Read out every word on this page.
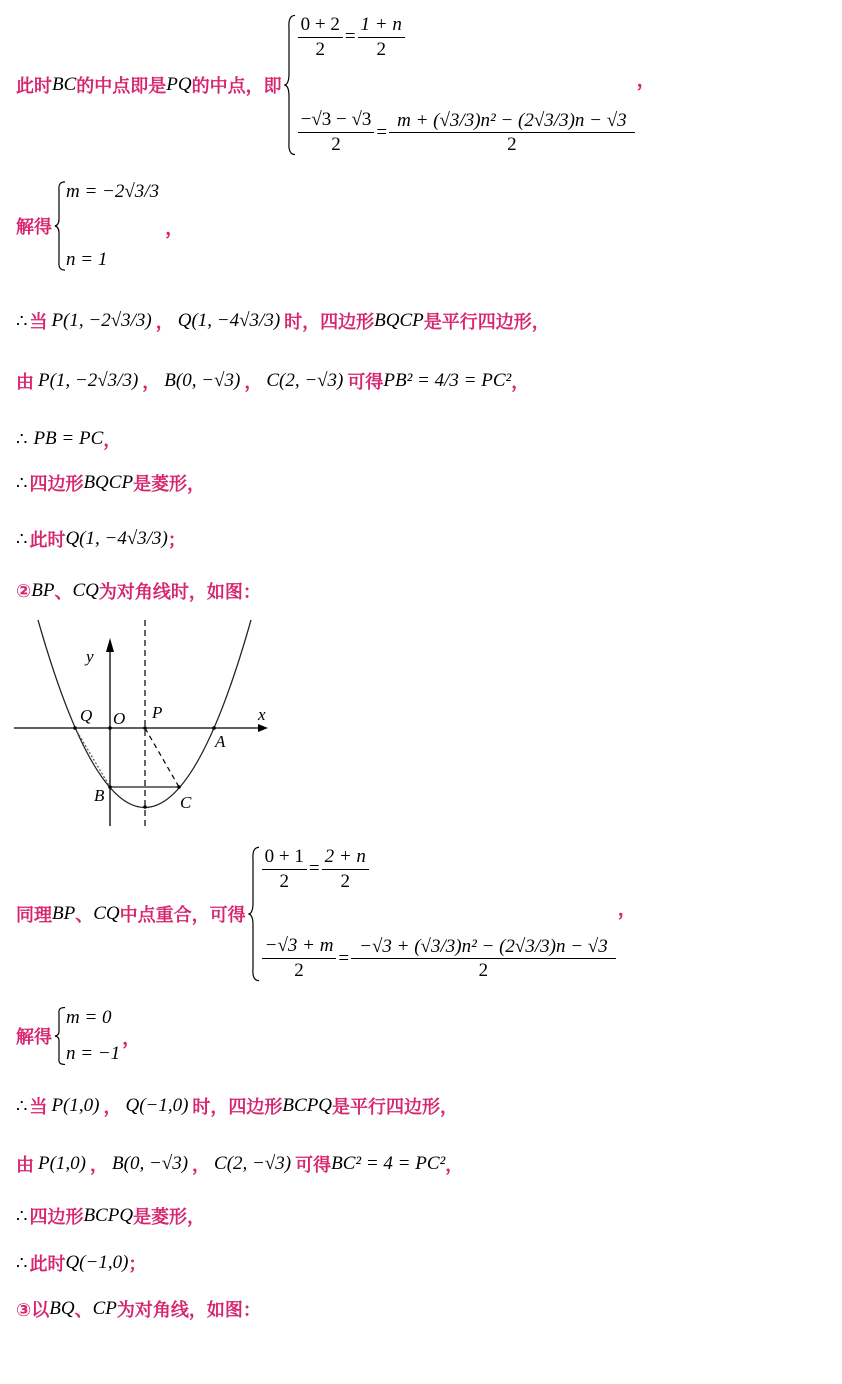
此时 BC 的中点即是 PQ 的中点，即
$\frac{0 + 2}{2} = \frac{1 + n}{2}$
$\frac{-√3 - √3}{2} = \frac{\text{m + (√3/3)n² − (2√3/3)n − √3}}{2}$
，
解得
m = −2√3/3
n = 1
，
∴ 当 P(1, −2√3/3) ， Q(1, −4√3/3) 时，四边形 BQCP 是平行四边形，
由 P(1, −2√3/3) ， B(0, −√3) ， C(2, −√3) 可得 PB² = 4/3 = PC² ，
∴ PB = PC ，
∴ 四边形 BQCP 是菱形，
∴ 此时 Q(1, −4√3/3) ；
② BP 、 CQ 为对角线时，如图：
y
x
Q O P
A
B	C
同理 BP 、 CQ 中点重合，可得
$\frac{0 + 1}{2} = \frac{2 + n}{2}$
$\frac{-√3 + m}{2} = \frac{\text{−√3 + (√3/3)n² − (2√3/3)n − √3}}{2}$
，
解得
m = 0
n = −1
，
∴ 当 P(1,0) ， Q(−1,0) 时，四边形 BCPQ 是平行四边形，
由 P(1,0) ， B(0, −√3) ， C(2, −√3) 可得 BC² = 4 = PC² ，
∴ 四边形 BCPQ 是菱形，
∴ 此时 Q(−1,0) ；
③以 BQ 、 CP 为对角线，如图：
